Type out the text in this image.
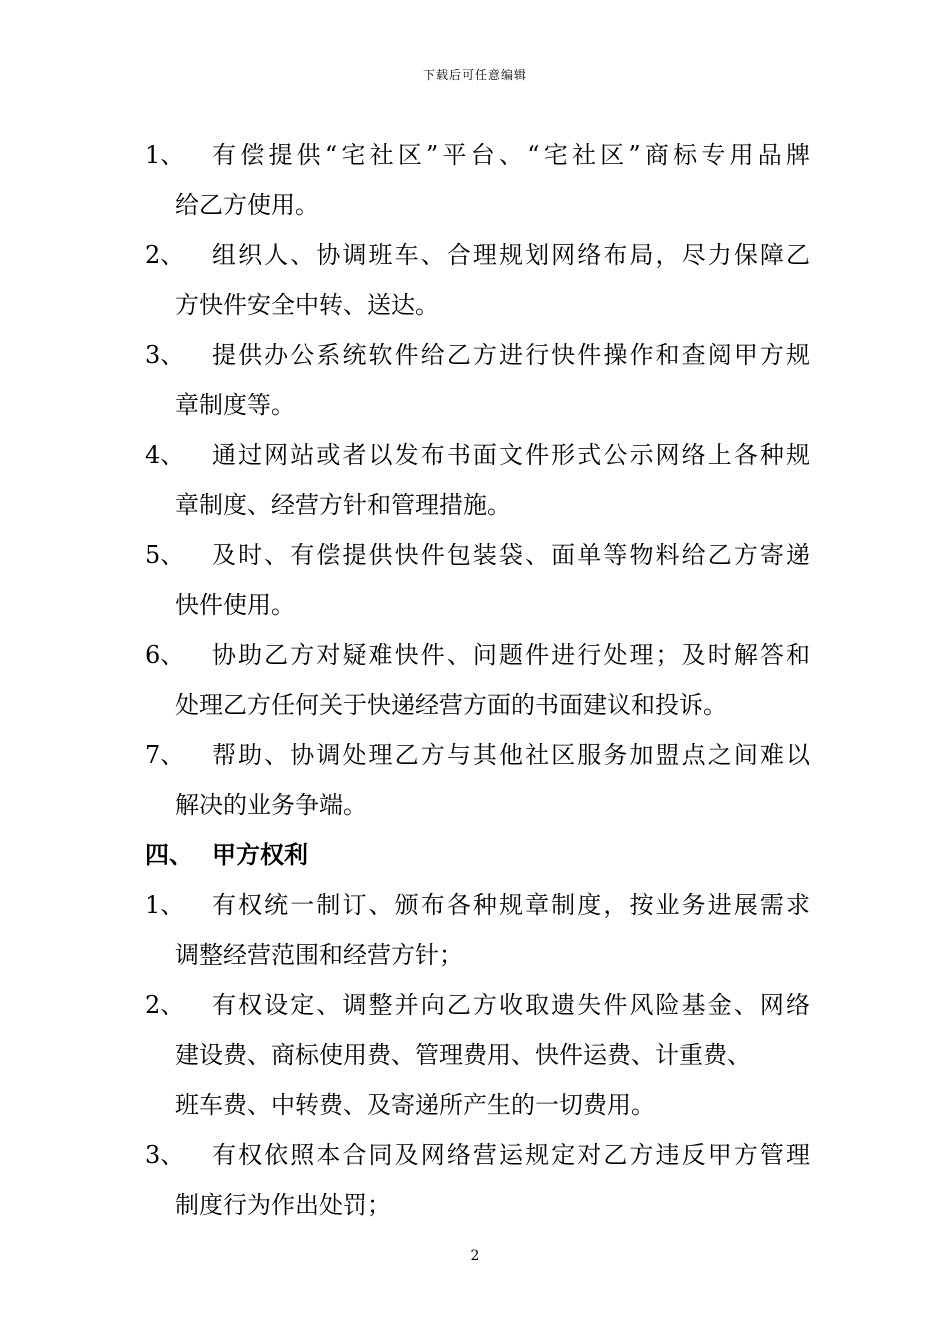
下载后可任意编辑
1、	有偿提供“宅社区”平台、“宅社区”商标专用品牌
给乙方使用。
2、	组织人、协调班车、合理规划网络布局，尽力保障乙
方快件安全中转、送达。
3、	提供办公系统软件给乙方进行快件操作和查阅甲方规
章制度等。
4、	通过网站或者以发布书面文件形式公示网络上各种规
章制度、经营方针和管理措施。
5、	及时、有偿提供快件包装袋、面单等物料给乙方寄递
快件使用。
6、	协助乙方对疑难快件、问题件进行处理；及时解答和
处理乙方任何关于快递经营方面的书面建议和投诉。
7、	帮助、协调处理乙方与其他社区服务加盟点之间难以
解决的业务争端。
四、 甲方权利
1、	有权统一制订、颁布各种规章制度，按业务进展需求
调整经营范围和经营方针；
2、	有权设定、调整并向乙方收取遗失件风险基金、网络
建设费、商标使用费、管理费用、快件运费、计重费、
班车费、中转费、及寄递所产生的一切费用。
3、	有权依照本合同及网络营运规定对乙方违反甲方管理
制度行为作出处罚；
2
